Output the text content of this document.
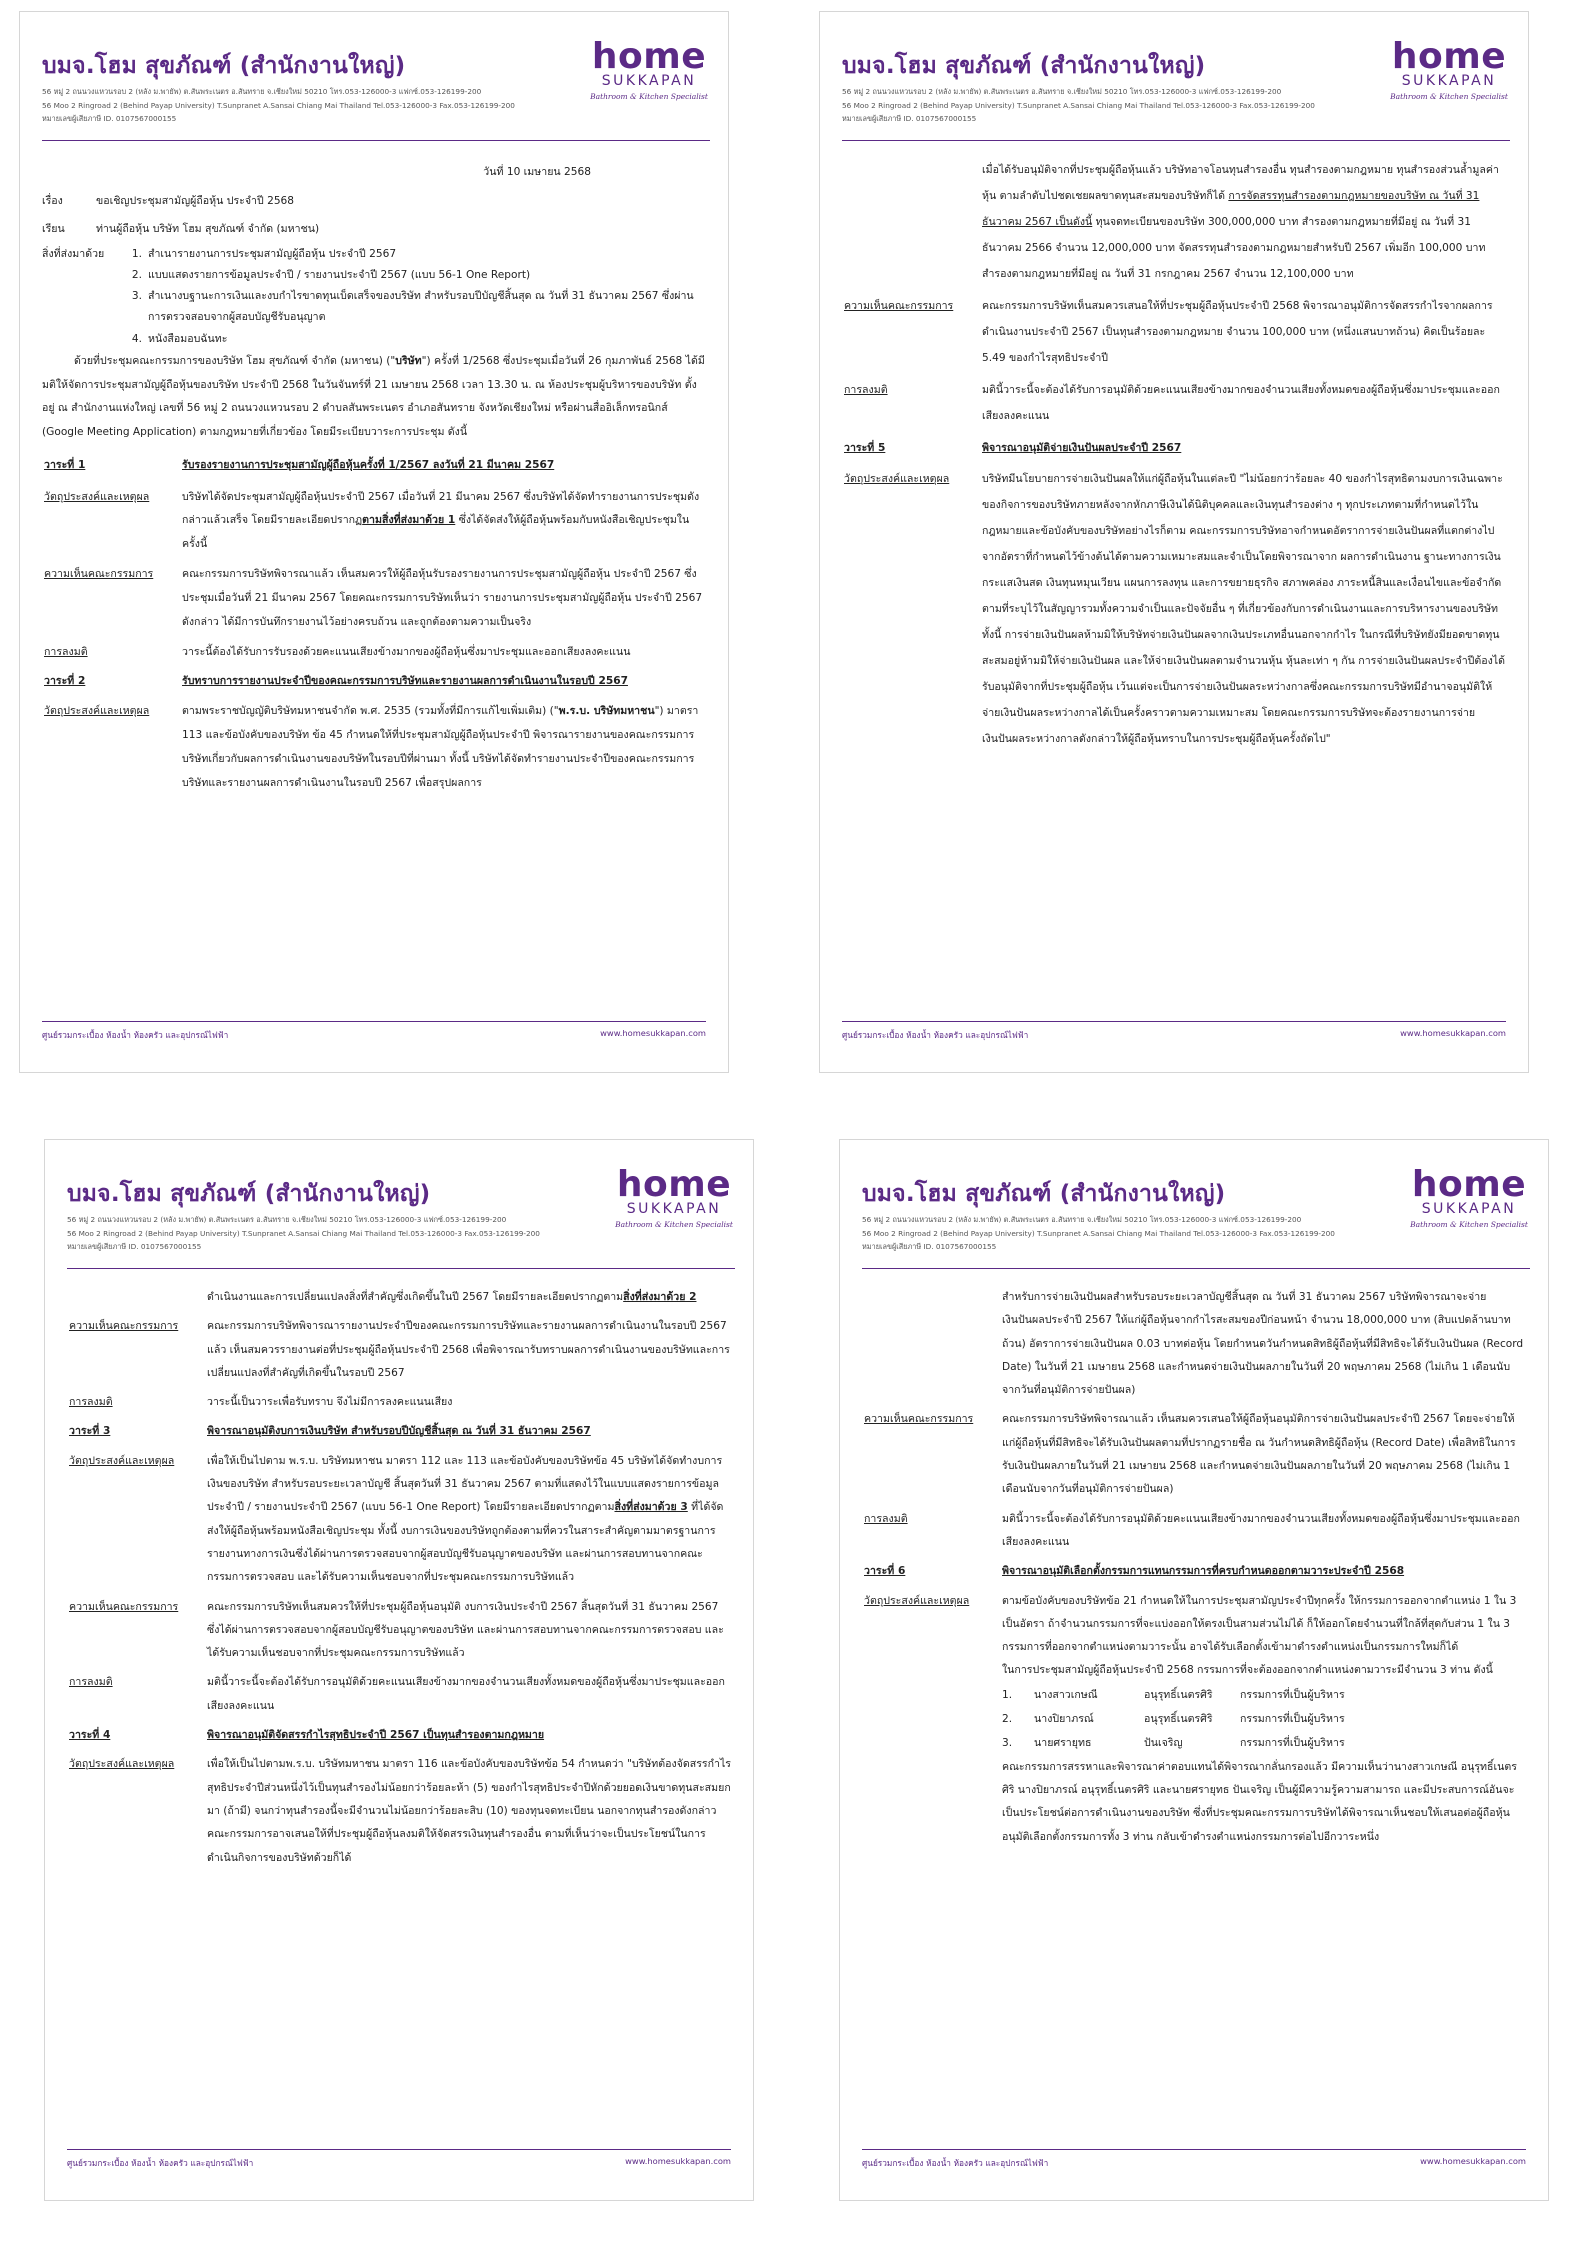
บมจ.โฮม สุขภัณฑ์ (สำนักงานใหญ่)
56 หมู่ 2 ถนนวงแหวนรอบ 2 (หลัง ม.พายัพ) ต.สันพระเนตร อ.สันทราย จ.เชียงใหม่ 50210 โทร.053-126000-3 แฟกซ์.053-126199-200
56 Moo 2 Ringroad 2 (Behind Payap University) T.Sunpranet A.Sansai Chiang Mai Thailand Tel.053-126000-3 Fax.053-126199-200
หมายเลขผู้เสียภาษี ID. 0107567000155
home
SUKKAPAN
Bathroom & Kitchen Specialist

วันที่ 10 เมษายน 2568

เรื่อง	ขอเชิญประชุมสามัญผู้ถือหุ้น ประจำปี 2568
เรียน	ท่านผู้ถือหุ้น บริษัท โฮม สุขภัณฑ์ จำกัด (มหาชน)
สิ่งที่ส่งมาด้วย	1. สำเนารายงานการประชุมสามัญผู้ถือหุ้น ประจำปี 2567
2. แบบแสดงรายการข้อมูลประจำปี / รายงานประจำปี 2567 (แบบ 56-1 One Report)
3. สำเนางบฐานะการเงินและงบกำไรขาดทุนเบ็ดเสร็จของบริษัท สำหรับรอบปีบัญชีสิ้นสุด ณ วันที่ 31 ธันวาคม 2567 ซึ่งผ่านการตรวจสอบจากผู้สอบบัญชีรับอนุญาต
4. หนังสือมอบฉันทะ

ด้วยที่ประชุมคณะกรรมการของบริษัท โฮม สุขภัณฑ์ จำกัด (มหาชน) ("บริษัท") ครั้งที่ 1/2568 ซึ่งประชุมเมื่อวันที่ 26 กุมภาพันธ์ 2568 ได้มีมติให้จัดการประชุมสามัญผู้ถือหุ้นของบริษัท ประจำปี 2568 ในวันจันทร์ที่ 21 เมษายน 2568 เวลา 13.30 น. ณ ห้องประชุมผู้บริหารของบริษัท ตั้งอยู่ ณ สำนักงานแห่งใหญ่ เลขที่ 56 หมู่ 2 ถนนวงแหวนรอบ 2 ตำบลสันพระเนตร อำเภอสันทราย จังหวัดเชียงใหม่ หรือผ่านสื่ออิเล็กทรอนิกส์ (Google Meeting Application) ตามกฎหมายที่เกี่ยวข้อง โดยมีระเบียบวาระการประชุม ดังนี้

วาระที่ 1	รับรองรายงานการประชุมสามัญผู้ถือหุ้นครั้งที่ 1/2567 ลงวันที่ 21 มีนาคม 2567
วัตถุประสงค์และเหตุผล	บริษัทได้จัดประชุมสามัญผู้ถือหุ้นประจำปี 2567 เมื่อวันที่ 21 มีนาคม 2567 ซึ่งบริษัทได้จัดทำรายงานการประชุมดังกล่าวแล้วเสร็จ โดยมีรายละเอียดปรากฏตามสิ่งที่ส่งมาด้วย 1 ซึ่งได้จัดส่งให้ผู้ถือหุ้นพร้อมกับหนังสือเชิญประชุมในครั้งนี้
ความเห็นคณะกรรมการ	คณะกรรมการบริษัทพิจารณาแล้ว เห็นสมควรให้ผู้ถือหุ้นรับรองรายงานการประชุมสามัญผู้ถือหุ้น ประจำปี 2567 ซึ่งประชุมเมื่อวันที่ 21 มีนาคม 2567 โดยคณะกรรมการบริษัทเห็นว่า รายงานการประชุมสามัญผู้ถือหุ้น ประจำปี 2567 ดังกล่าว ได้มีการบันทึกรายงานไว้อย่างครบถ้วน และถูกต้องตามความเป็นจริง
การลงมติ	วาระนี้ต้องได้รับการรับรองด้วยคะแนนเสียงข้างมากของผู้ถือหุ้นซึ่งมาประชุมและออกเสียงลงคะแนน
วาระที่ 2	รับทราบการรายงานประจำปีของคณะกรรมการบริษัทและรายงานผลการดำเนินงานในรอบปี 2567
วัตถุประสงค์และเหตุผล	ตามพระราชบัญญัติบริษัทมหาชนจำกัด พ.ศ. 2535 (รวมทั้งที่มีการแก้ไขเพิ่มเติม) ("พ.ร.บ. บริษัทมหาชน") มาตรา 113 และข้อบังคับของบริษัท ข้อ 45 กำหนดให้ที่ประชุมสามัญผู้ถือหุ้นประจำปี พิจารณารายงานของคณะกรรมการบริษัทเกี่ยวกับผลการดำเนินงานของบริษัทในรอบปีที่ผ่านมา ทั้งนี้ บริษัทได้จัดทำรายงานประจำปีของคณะกรรมการบริษัทและรายงานผลการดำเนินงานในรอบปี 2567 เพื่อสรุปผลการ
ศูนย์รวมกระเบื้อง ห้องน้ำ ห้องครัว และอุปกรณ์ไฟฟ้า	www.homesukkapan.com
บมจ.โฮม สุขภัณฑ์ (สำนักงานใหญ่)
56 หมู่ 2 ถนนวงแหวนรอบ 2 (หลัง ม.พายัพ) ต.สันพระเนตร อ.สันทราย จ.เชียงใหม่ 50210 โทร.053-126000-3 แฟกซ์.053-126199-200
56 Moo 2 Ringroad 2 (Behind Payap University) T.Sunpranet A.Sansai Chiang Mai Thailand Tel.053-126000-3 Fax.053-126199-200
หมายเลขผู้เสียภาษี ID. 0107567000155
home
SUKKAPAN
Bathroom & Kitchen Specialist
เมื่อได้รับอนุมัติจากที่ประชุมผู้ถือหุ้นแล้ว บริษัทอาจโอนทุนสำรองอื่น ทุนสำรองตามกฎหมาย ทุนสำรองส่วนล้ำมูลค่าหุ้น ตามลำดับไปชดเชยผลขาดทุนสะสมของบริษัทก็ได้ การจัดสรรทุนสำรองตามกฎหมายของบริษัท ณ วันที่ 31 ธันวาคม 2567 เป็นดังนี้ ทุนจดทะเบียนของบริษัท 300,000,000 บาท สำรองตามกฎหมายที่มีอยู่ ณ วันที่ 31 ธันวาคม 2566 จำนวน 12,000,000 บาท จัดสรรทุนสำรองตามกฎหมายสำหรับปี 2567 เพิ่มอีก 100,000 บาท สำรองตามกฎหมายที่มีอยู่ ณ วันที่ 31 กรกฎาคม 2567 จำนวน 12,100,000 บาท
ความเห็นคณะกรรมการ	คณะกรรมการบริษัทเห็นสมควรเสนอให้ที่ประชุมผู้ถือหุ้นประจำปี 2568 พิจารณาอนุมัติการจัดสรรกำไรจากผลการดำเนินงานประจำปี 2567 เป็นทุนสำรองตามกฎหมาย จำนวน 100,000 บาท (หนึ่งแสนบาทถ้วน) คิดเป็นร้อยละ 5.49 ของกำไรสุทธิประจำปี
การลงมติ	มตินี้วาระนี้จะต้องได้รับการอนุมัติด้วยคะแนนเสียงข้างมากของจำนวนเสียงทั้งหมดของผู้ถือหุ้นซึ่งมาประชุมและออกเสียงลงคะแนน
วาระที่ 5	พิจารณาอนุมัติจ่ายเงินปันผลประจำปี 2567
วัตถุประสงค์และเหตุผล	บริษัทมีนโยบายการจ่ายเงินปันผลให้แก่ผู้ถือหุ้นในแต่ละปี "ไม่น้อยกว่าร้อยละ 40 ของกำไรสุทธิตามงบการเงินเฉพาะของกิจการของบริษัทภายหลังจากหักภาษีเงินได้นิติบุคคลและเงินทุนสำรองต่าง ๆ ทุกประเภทตามที่กำหนดไว้ในกฎหมายและข้อบังคับของบริษัทอย่างไรก็ตาม คณะกรรมการบริษัทอาจกำหนดอัตราการจ่ายเงินปันผลที่แตกต่างไปจากอัตราที่กำหนดไว้ข้างต้นได้ตามความเหมาะสมและจำเป็นโดยพิจารณาจาก ผลการดำเนินงาน ฐานะทางการเงิน กระแสเงินสด เงินทุนหมุนเวียน แผนการลงทุน และการขยายธุรกิจ สภาพคล่อง ภาระหนี้สินและเงื่อนไขและข้อจำกัดตามที่ระบุไว้ในสัญญารวมทั้งความจำเป็นและปัจจัยอื่น ๆ ที่เกี่ยวข้องกับการดำเนินงานและการบริหารงานของบริษัท ทั้งนี้ การจ่ายเงินปันผลห้ามมิให้บริษัทจ่ายเงินปันผลจากเงินประเภทอื่นนอกจากกำไร ในกรณีที่บริษัทยังมียอดขาดทุนสะสมอยู่ห้ามมิให้จ่ายเงินปันผล และให้จ่ายเงินปันผลตามจำนวนหุ้น หุ้นละเท่า ๆ กัน การจ่ายเงินปันผลประจำปีต้องได้รับอนุมัติจากที่ประชุมผู้ถือหุ้น เว้นแต่จะเป็นการจ่ายเงินปันผลระหว่างกาลซึ่งคณะกรรมการบริษัทมีอำนาจอนุมัติให้จ่ายเงินปันผลระหว่างกาลได้เป็นครั้งคราวตามความเหมาะสม โดยคณะกรรมการบริษัทจะต้องรายงานการจ่ายเงินปันผลระหว่างกาลดังกล่าวให้ผู้ถือหุ้นทราบในการประชุมผู้ถือหุ้นครั้งถัดไป"
ศูนย์รวมกระเบื้อง ห้องน้ำ ห้องครัว และอุปกรณ์ไฟฟ้า	www.homesukkapan.com
บมจ.โฮม สุขภัณฑ์ (สำนักงานใหญ่)
56 หมู่ 2 ถนนวงแหวนรอบ 2 (หลัง ม.พายัพ) ต.สันพระเนตร อ.สันทราย จ.เชียงใหม่ 50210 โทร.053-126000-3 แฟกซ์.053-126199-200
56 Moo 2 Ringroad 2 (Behind Payap University) T.Sunpranet A.Sansai Chiang Mai Thailand Tel.053-126000-3 Fax.053-126199-200
หมายเลขผู้เสียภาษี ID. 0107567000155
home
SUKKAPAN
Bathroom & Kitchen Specialist
ดำเนินงานและการเปลี่ยนแปลงสิ่งที่สำคัญซึ่งเกิดขึ้นในปี 2567 โดยมีรายละเอียดปรากฏตามสิ่งที่ส่งมาด้วย 2
ความเห็นคณะกรรมการ	คณะกรรมการบริษัทพิจารณารายงานประจำปีของคณะกรรมการบริษัทและรายงานผลการดำเนินงานในรอบปี 2567 แล้ว เห็นสมควรรายงานต่อที่ประชุมผู้ถือหุ้นประจำปี 2568 เพื่อพิจารณารับทราบผลการดำเนินงานของบริษัทและการเปลี่ยนแปลงที่สำคัญที่เกิดขึ้นในรอบปี 2567
การลงมติ	วาระนี้เป็นวาระเพื่อรับทราบ จึงไม่มีการลงคะแนนเสียง
วาระที่ 3	พิจารณาอนุมัติงบการเงินบริษัท สำหรับรอบปีบัญชีสิ้นสุด ณ วันที่ 31 ธันวาคม 2567
วัตถุประสงค์และเหตุผล	เพื่อให้เป็นไปตาม พ.ร.บ. บริษัทมหาชน มาตรา 112 และ 113 และข้อบังคับของบริษัทข้อ 45 บริษัทได้จัดทำงบการเงินของบริษัท สำหรับรอบระยะเวลาบัญชี สิ้นสุดวันที่ 31 ธันวาคม 2567 ตามที่แสดงไว้ในแบบแสดงรายการข้อมูลประจำปี / รายงานประจำปี 2567 (แบบ 56-1 One Report) โดยมีรายละเอียดปรากฏตามสิ่งที่ส่งมาด้วย 3 ที่ได้จัดส่งให้ผู้ถือหุ้นพร้อมหนังสือเชิญประชุม ทั้งนี้ งบการเงินของบริษัทถูกต้องตามที่ควรในสาระสำคัญตามมาตรฐานการรายงานทางการเงินซึ่งได้ผ่านการตรวจสอบจากผู้สอบบัญชีรับอนุญาตของบริษัท และผ่านการสอบทานจากคณะกรรมการตรวจสอบ และได้รับความเห็นชอบจากที่ประชุมคณะกรรมการบริษัทแล้ว
ความเห็นคณะกรรมการ	คณะกรรมการบริษัทเห็นสมควรให้ที่ประชุมผู้ถือหุ้นอนุมัติ งบการเงินประจำปี 2567 สิ้นสุดวันที่ 31 ธันวาคม 2567 ซึ่งได้ผ่านการตรวจสอบจากผู้สอบบัญชีรับอนุญาตของบริษัท และผ่านการสอบทานจากคณะกรรมการตรวจสอบ และได้รับความเห็นชอบจากที่ประชุมคณะกรรมการบริษัทแล้ว
การลงมติ	มตินี้วาระนี้จะต้องได้รับการอนุมัติด้วยคะแนนเสียงข้างมากของจำนวนเสียงทั้งหมดของผู้ถือหุ้นซึ่งมาประชุมและออกเสียงลงคะแนน
วาระที่ 4	พิจารณาอนุมัติจัดสรรกำไรสุทธิประจำปี 2567 เป็นทุนสำรองตามกฎหมาย
วัตถุประสงค์และเหตุผล	เพื่อให้เป็นไปตามพ.ร.บ. บริษัทมหาชน มาตรา 116 และข้อบังคับของบริษัทข้อ 54 กำหนดว่า "บริษัทต้องจัดสรรกำไรสุทธิประจำปีส่วนหนึ่งไว้เป็นทุนสำรองไม่น้อยกว่าร้อยละห้า (5) ของกำไรสุทธิประจำปีหักด้วยยอดเงินขาดทุนสะสมยกมา (ถ้ามี) จนกว่าทุนสำรองนี้จะมีจำนวนไม่น้อยกว่าร้อยละสิบ (10) ของทุนจดทะเบียน นอกจากทุนสำรองดังกล่าว คณะกรรมการอาจเสนอให้ที่ประชุมผู้ถือหุ้นลงมติให้จัดสรรเงินทุนสำรองอื่น ตามที่เห็นว่าจะเป็นประโยชน์ในการดำเนินกิจการของบริษัทด้วยก็ได้
ศูนย์รวมกระเบื้อง ห้องน้ำ ห้องครัว และอุปกรณ์ไฟฟ้า	www.homesukkapan.com
บมจ.โฮม สุขภัณฑ์ (สำนักงานใหญ่)
56 หมู่ 2 ถนนวงแหวนรอบ 2 (หลัง ม.พายัพ) ต.สันพระเนตร อ.สันทราย จ.เชียงใหม่ 50210 โทร.053-126000-3 แฟกซ์.053-126199-200
56 Moo 2 Ringroad 2 (Behind Payap University) T.Sunpranet A.Sansai Chiang Mai Thailand Tel.053-126000-3 Fax.053-126199-200
หมายเลขผู้เสียภาษี ID. 0107567000155
home
SUKKAPAN
Bathroom & Kitchen Specialist
สำหรับการจ่ายเงินปันผลสำหรับรอบระยะเวลาบัญชีสิ้นสุด ณ วันที่ 31 ธันวาคม 2567 บริษัทพิจารณาจะจ่ายเงินปันผลประจำปี 2567 ให้แก่ผู้ถือหุ้นจากกำไรสะสมของปีก่อนหน้า จำนวน 18,000,000 บาท (สิบแปดล้านบาทถ้วน) อัตราการจ่ายเงินปันผล 0.03 บาทต่อหุ้น โดยกำหนดวันกำหนดสิทธิผู้ถือหุ้นที่มีสิทธิจะได้รับเงินปันผล (Record Date) ในวันที่ 21 เมษายน 2568 และกำหนดจ่ายเงินปันผลภายในวันที่ 20 พฤษภาคม 2568 (ไม่เกิน 1 เดือนนับจากวันที่อนุมัติการจ่ายปันผล)
ความเห็นคณะกรรมการ	คณะกรรมการบริษัทพิจารณาแล้ว เห็นสมควรเสนอให้ผู้ถือหุ้นอนุมัติการจ่ายเงินปันผลประจำปี 2567 โดยจะจ่ายให้แก่ผู้ถือหุ้นที่มีสิทธิจะได้รับเงินปันผลตามที่ปรากฏรายชื่อ ณ วันกำหนดสิทธิผู้ถือหุ้น (Record Date) เพื่อสิทธิในการรับเงินปันผลภายในวันที่ 21 เมษายน 2568 และกำหนดจ่ายเงินปันผลภายในวันที่ 20 พฤษภาคม 2568 (ไม่เกิน 1 เดือนนับจากวันที่อนุมัติการจ่ายปันผล)
การลงมติ	มตินี้วาระนี้จะต้องได้รับการอนุมัติด้วยคะแนนเสียงข้างมากของจำนวนเสียงทั้งหมดของผู้ถือหุ้นซึ่งมาประชุมและออกเสียงลงคะแนน
วาระที่ 6	พิจารณาอนุมัติเลือกตั้งกรรมการแทนกรรมการที่ครบกำหนดออกตามวาระประจำปี 2568
วัตถุประสงค์และเหตุผล	ตามข้อบังคับของบริษัทข้อ 21 กำหนดให้ในการประชุมสามัญประจำปีทุกครั้ง ให้กรรมการออกจากตำแหน่ง 1 ใน 3 เป็นอัตรา ถ้าจำนวนกรรมการที่จะแบ่งออกให้ตรงเป็นสามส่วนไม่ได้ ก็ให้ออกโดยจำนวนที่ใกล้ที่สุดกับส่วน 1 ใน 3 กรรมการที่ออกจากตำแหน่งตามวาระนั้น อาจได้รับเลือกตั้งเข้ามาดำรงตำแหน่งเป็นกรรมการใหม่ก็ได้
ในการประชุมสามัญผู้ถือหุ้นประจำปี 2568 กรรมการที่จะต้องออกจากตำแหน่งตามวาระมีจำนวน 3 ท่าน ดังนี้
1.	นางสาวเกษณี	อนุรุทธิ์เนตรศิริ	กรรมการที่เป็นผู้บริหาร
2.	นางปิยาภรณ์	อนุรุทธิ์เนตรศิริ	กรรมการที่เป็นผู้บริหาร
3.	นายศรายุทธ	ปันเจริญ	กรรมการที่เป็นผู้บริหาร
คณะกรรมการสรรหาและพิจารณาค่าตอบแทนได้พิจารณากลั่นกรองแล้ว มีความเห็นว่านางสาวเกษณี อนุรุทธิ์เนตรศิริ นางปิยาภรณ์ อนุรุทธิ์เนตรศิริ และนายศรายุทธ ปันเจริญ เป็นผู้มีความรู้ความสามารถ และมีประสบการณ์อันจะเป็นประโยชน์ต่อการดำเนินงานของบริษัท ซึ่งที่ประชุมคณะกรรมการบริษัทได้พิจารณาเห็นชอบให้เสนอต่อผู้ถือหุ้นอนุมัติเลือกตั้งกรรมการทั้ง 3 ท่าน กลับเข้าดำรงตำแหน่งกรรมการต่อไปอีกวาระหนึ่ง
ศูนย์รวมกระเบื้อง ห้องน้ำ ห้องครัว และอุปกรณ์ไฟฟ้า	www.homesukkapan.com
